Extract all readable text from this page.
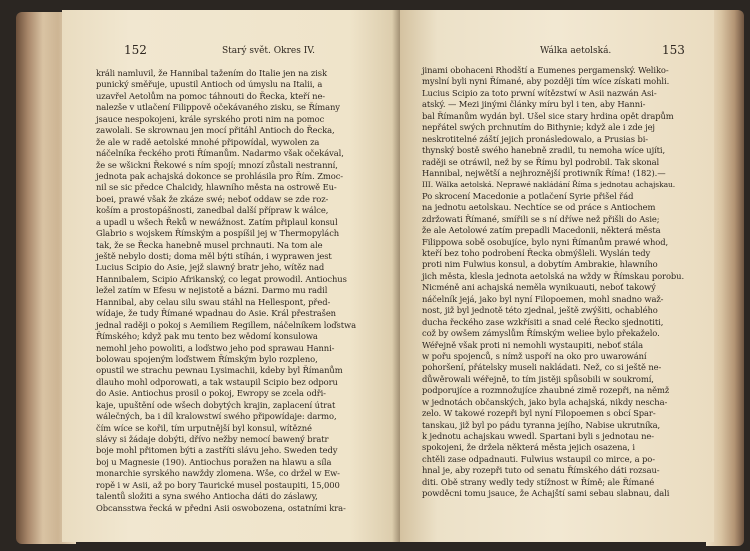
152	Starý svět. Okres IV.
králi namluvil, že Hannibal tažením do Italie jen na zisk
punický směřuje, upustil Antioch od úmyslu na Italii, a
uzavřel Aetolům na pomoc táhnouti do Řecka, kteří ne-
nalezše v utlačení Filippově očekávaného zisku, se Římany
jsauce nespokojeni, krále syrského proti nim na pomoc
zawolali. Se skrownau jen mocí přitáhl Antioch do Řecka,
že ale w radě aetolské mnohé připowídal, wywolen za
náčelníka řeckého proti Římanům. Nadarmo však očekával,
že se wšickni Řekowé s ním spojí; mnozí zůstali nestranní,
jednota pak achajská dokonce se prohlásila pro Řím. Zmoc-
nil se sic předce Chalcidy, hlawního města na ostrowě Eu-
boei, prawé však že zkáze swé; neboť oddaw se zde roz-
koším a prostopášnosti, zanedbal další přípraw k wálce,
a upadl u wšech Řeků w newážnost. Zatím připlaul konsul
Glabrio s wojskem Římským a pospíšil jej w Thermopylách
tak, že se Řecka hanebně musel prchnauti. Na tom ale
ještě nebylo dosti; doma měl býti stíhán, i wyprawen jest
Lucius Scipio do Asie, jejž slawný bratr jeho, wítěz nad
Hannibalem, Scipio Afrikanský, co legat prowodil. Antiochus
ležel zatím w Efesu w nejistotě a bázni. Darmo mu radil
Hannibal, aby celau silu swau stáhl na Hellespont, před-
wídaje, že tudy Římané wpadnau do Asie. Král přestrašen
jednal raději o pokoj s Aemiliem Regillem, náčelníkem loďstwa
Římského; když pak mu tento bez wědomí konsulowa
nemohl jeho powoliti, a loďstwo jeho pod sprawau Hanni-
bolowau spojeným loďstwem Římským bylo rozpleno,
opustil we strachu pewnau Lysimachii, kdeby byl Římanům
dlauho mohl odporowati, a tak wstaupil Scipio bez odporu
do Asie. Antiochus prosil o pokoj, Ewropy se zcela odři-
kaje, upuštění ode wšech dobytých krajin, zaplacení útrat
wálečných, ba i díl kralowstwí swého připowídaje: darmo,
čím wíce se kořil, tím urputnější byl konsul, wítězné
slávy si žádaje dobýti, dřívo nežby nemocí bawený bratr
boje mohl přitomen býti a zastříti slávu jeho. Sweden tedy
boj u Magnesie (190). Antiochus poražen na hlawu a síla
monarchie syrského nawždy zlomena. Wše, co držel w Ew-
ropě i w Asii, až po bory Taurické musel postaupiti, 15,000
talentů složiti a syna swého Antiocha dáti do záslawy,
Obcansstwa řecká w předni Asii oswobozena, ostatními kra-
Wálka aetolská.	153
jinami obohaceni Rhodští a Eumenes pergamenský. Weliko-
myslní byli nyni Římané, aby později tím wíce získati mohli.
Lucius Scipio za toto prwní wítězstwí w Asii nazwán Asi-
atský. — Mezi jinými články míru byl i ten, aby Hanni-
bal Římanům wydán byl. Ušel sice stary hrdina opět drapům
nepřátel swých prchnutím do Bithynie; když ale i zde jej
neskrotitelné záští jejich pronásledowalo, a Prusias bi-
thynský bostě swého hanebně zradil, tu nemoha wíce ujíti,
raději se otráwil, než by se Římu byl podrobil. Tak skonal
Hannibal, nejwětší a nejhroznější protiwník Říma! (182).—
III. Wálka aetolská. Neprawé nakládání Říma s jednotau achajskau.
Po skrocení Macedonie a potlačení Syrie přišel řád
na jednotu aetolskau. Nechtíce se od práce s Antiochem
zdržowati Římané, smířili se s ní dříwe než přišli do Asie;
že ale Aetolowé zatím prepadli Macedonii, některá města
Filippowa sobě osobujíce, bylo nyni Římanům prawé whod,
kteří bez toho podrobení Řecka obmýšleli. Wyslán tedy
proti nim Fulwius konsul, a dobytím Ambrakie, hlawního
jich města, klesla jednota aetolská na wždy w Římskau porobu.
Nicméně ani achajská neměla wynikuauti, neboť takowý
náčelník jejá, jako byl nyní Filopoemen, mohl snadno waž-
nost, již byl jednotě této zjednal, ještě zwýšiti, ochablého
ducha řeckého zase wzkřísiti a snad celé Řecko sjednotiti,
což by owšem zámyslům Římským weliee bylo překaželo.
Wéřejně však proti ni nemohli wystaupiti, neboť stála
w pořu spojenců, s nímž uspoří na oko pro uwarowání
pohoršení, přátelsky museli nakládati. Než, co si ještě ne-
důwěrowali wéřejně, to tím jistěji spůsobili w soukromí,
podporujíce a rozmnožujíce zhaubné zimě rozepři, na němž
w jednotách občanských, jako byla achajská, nikdy nescha-
zelo. W takowé rozepři byl nyní Filopoemen s obcí Spar-
tanskau, již byl po pádu tyranna jejího, Nabise ukrutníka,
k jednotu achajskau wwedl. Spartani byli s jednotau ne-
spokojeni, že držela některá města jejich osazena, i
chtěli zase odpadnauti. Fulwius wstaupil co mirce, a po-
hnal je, aby rozepři tuto od senatu Římského dáti rozsau-
diti. Obě strany wedly tedy stížnost w Římě; ale Římané
powděcni tomu jsauce, že Achajští sami sebau slabnau, dali
